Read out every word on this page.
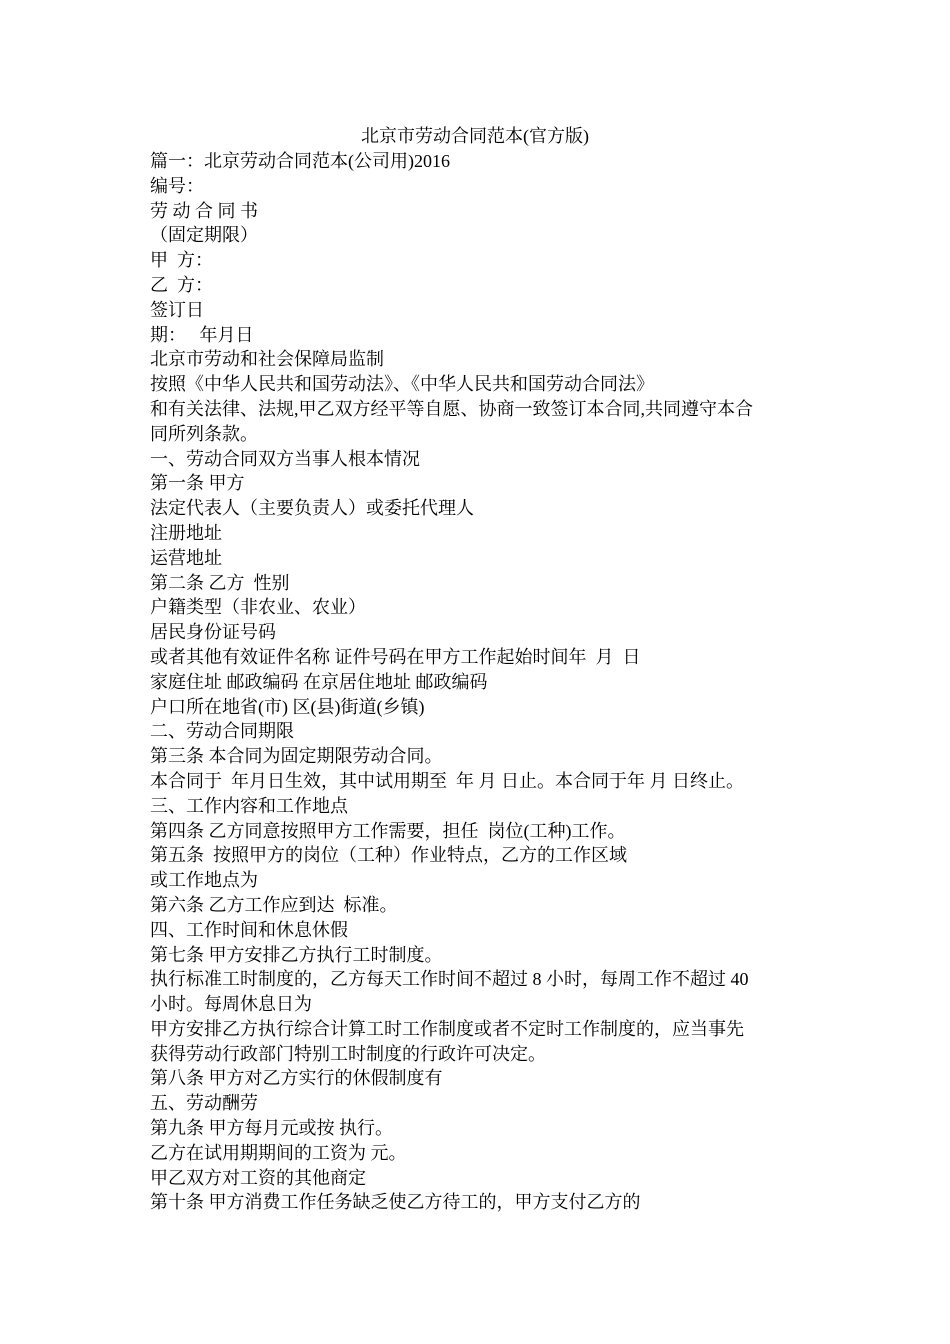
北京市劳动合同范本(官方版)
篇一：北京劳动合同范本(公司用)2016
编号：
劳 动 合 同 书
（固定期限）
甲  方：
乙  方：
签订日
期：   年月日
北京市劳动和社会保障局监制
按照《中华人民共和国劳动法》、《中华人民共和国劳动合同法》
和有关法律、法规,甲乙双方经平等自愿、协商一致签订本合同,共同遵守本合
同所列条款。
一、劳动合同双方当事人根本情况
第一条 甲方
法定代表人（主要负责人）或委托代理人
注册地址
运营地址
第二条 乙方  性别
户籍类型（非农业、农业）
居民身份证号码
或者其他有效证件名称 证件号码在甲方工作起始时间年  月  日
家庭住址 邮政编码 在京居住地址 邮政编码
户口所在地省(市) 区(县)街道(乡镇)
二、劳动合同期限
第三条 本合同为固定期限劳动合同。
本合同于  年月日生效，其中试用期至  年 月 日止。本合同于年 月 日终止。
三、工作内容和工作地点
第四条 乙方同意按照甲方工作需要，担任  岗位(工种)工作。
第五条  按照甲方的岗位（工种）作业特点，乙方的工作区域
或工作地点为
第六条 乙方工作应到达  标准。
四、工作时间和休息休假
第七条 甲方安排乙方执行工时制度。
执行标准工时制度的，乙方每天工作时间不超过 8 小时，每周工作不超过 40
小时。每周休息日为
甲方安排乙方执行综合计算工时工作制度或者不定时工作制度的，应当事先
获得劳动行政部门特别工时制度的行政许可决定。
第八条 甲方对乙方实行的休假制度有
五、劳动酬劳
第九条 甲方每月元或按 执行。
乙方在试用期期间的工资为 元。
甲乙双方对工资的其他商定
第十条 甲方消费工作任务缺乏使乙方待工的，甲方支付乙方的
